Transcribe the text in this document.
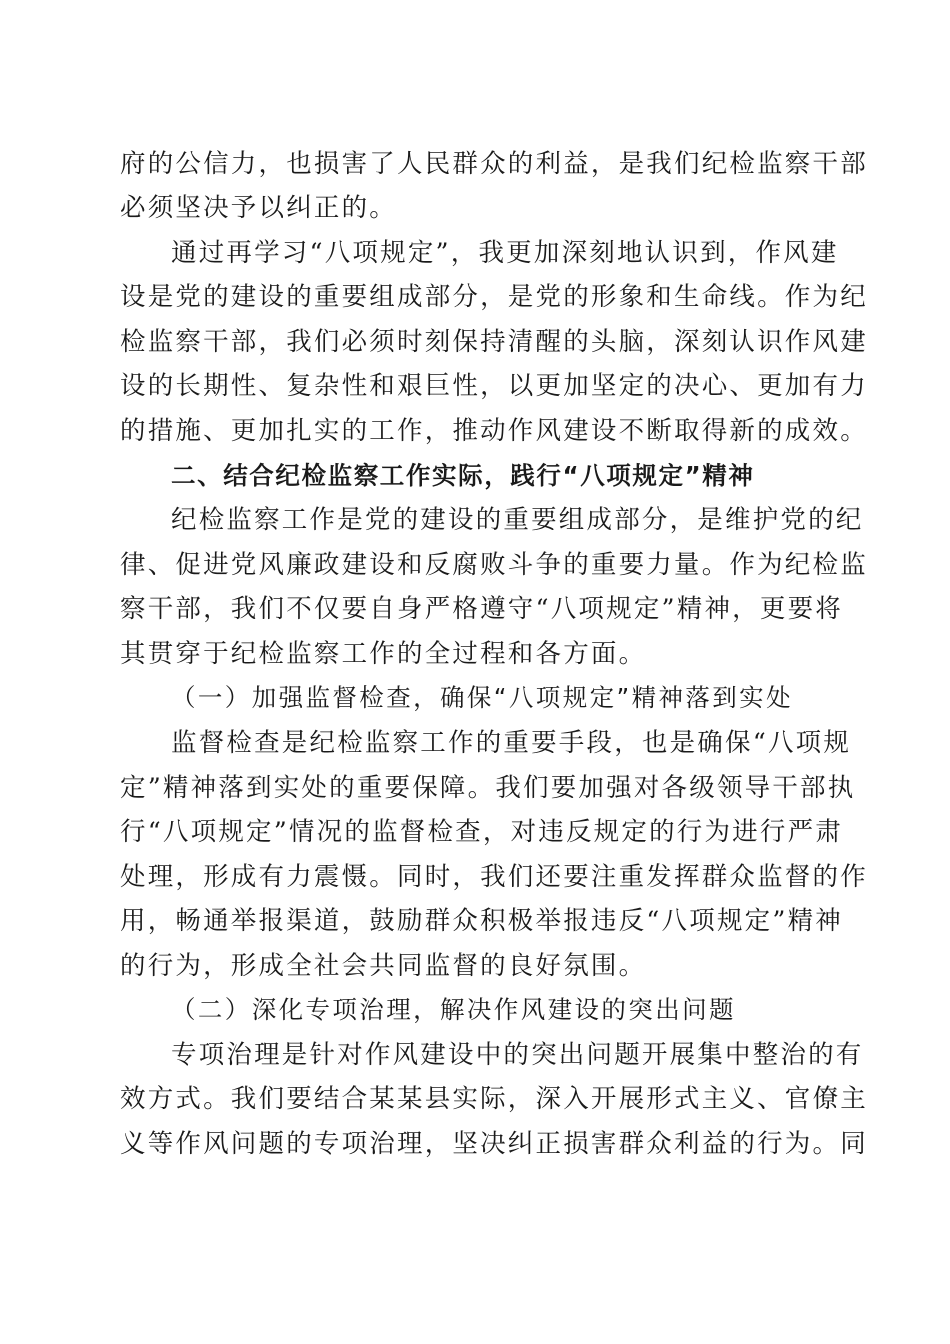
府的公信力，也损害了人民群众的利益，是我们纪检监察干部
必须坚决予以纠正的。
通过再学习“八项规定”，我更加深刻地认识到，作风建
设是党的建设的重要组成部分，是党的形象和生命线。作为纪
检监察干部，我们必须时刻保持清醒的头脑，深刻认识作风建
设的长期性、复杂性和艰巨性，以更加坚定的决心、更加有力
的措施、更加扎实的工作，推动作风建设不断取得新的成效。
二、结合纪检监察工作实际，践行“八项规定”精神
纪检监察工作是党的建设的重要组成部分，是维护党的纪
律、促进党风廉政建设和反腐败斗争的重要力量。作为纪检监
察干部，我们不仅要自身严格遵守“八项规定”精神，更要将
其贯穿于纪检监察工作的全过程和各方面。
（一）加强监督检查，确保“八项规定”精神落到实处
监督检查是纪检监察工作的重要手段，也是确保“八项规
定”精神落到实处的重要保障。我们要加强对各级领导干部执
行“八项规定”情况的监督检查，对违反规定的行为进行严肃
处理，形成有力震慑。同时，我们还要注重发挥群众监督的作
用，畅通举报渠道，鼓励群众积极举报违反“八项规定”精神
的行为，形成全社会共同监督的良好氛围。
（二）深化专项治理，解决作风建设的突出问题
专项治理是针对作风建设中的突出问题开展集中整治的有
效方式。我们要结合某某县实际，深入开展形式主义、官僚主
义等作风问题的专项治理，坚决纠正损害群众利益的行为。同
